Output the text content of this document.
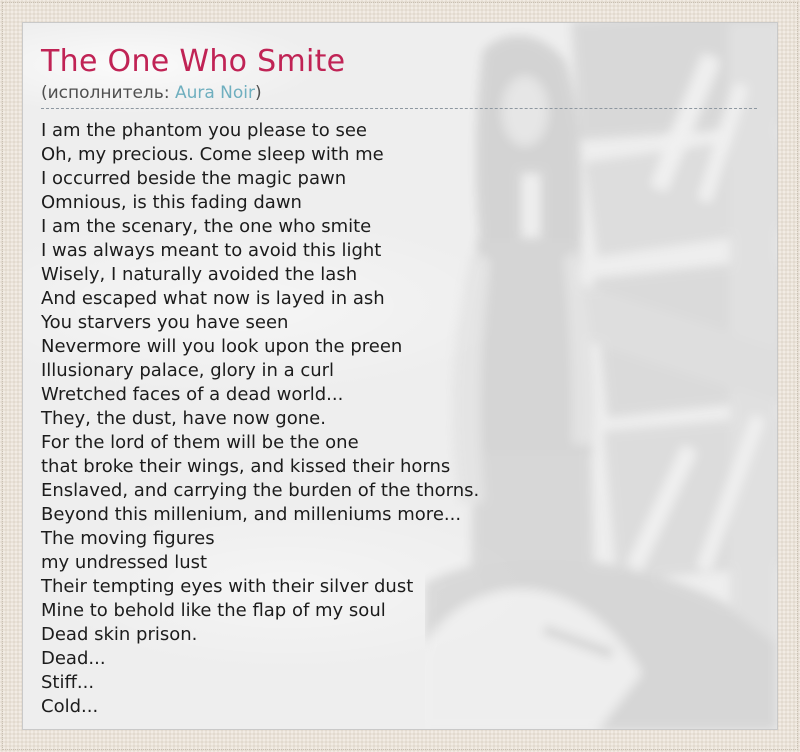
The One Who Smite
(исполнитель: Aura Noir)
I am the phantom you please to see
Oh, my precious. Come sleep with me
I occurred beside the magic pawn
Omnious, is this fading dawn
I am the scenary, the one who smite
I was always meant to avoid this light
Wisely, I naturally avoided the lash
And escaped what now is layed in ash
You starvers you have seen
Nevermore will you look upon the preen
Illusionary palace, glory in a curl
Wretched faces of a dead world...
They, the dust, have now gone.
For the lord of them will be the one
that broke their wings, and kissed their horns
Enslaved, and carrying the burden of the thorns.
Beyond this millenium, and milleniums more...
The moving figures
my undressed lust
Their tempting eyes with their silver dust
Mine to behold like the flap of my soul
Dead skin prison.
Dead...
Stiff...
Cold...
